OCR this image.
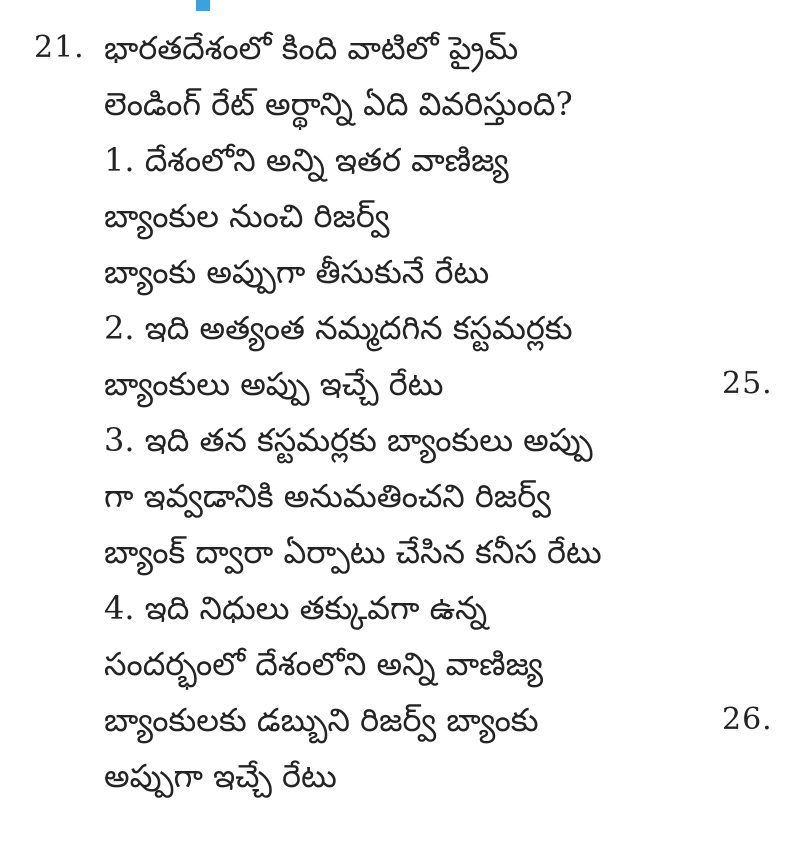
21. భారతదేశంలో కింది వాటిలో ప్రైమ్
లెండింగ్ రేట్ అర్థాన్ని ఏది వివరిస్తుంది?
1. దేశంలోని అన్ని ఇతర వాణిజ్య
బ్యాంకుల నుంచి రిజర్వ్
బ్యాంకు అప్పుగా తీసుకునే రేటు
2. ఇది అత్యంత నమ్మదగిన కస్టమర్లకు
బ్యాంకులు అప్పు ఇచ్చే రేటు
3. ఇది తన కస్టమర్లకు బ్యాంకులు అప్పు
గా ఇవ్వడానికి అనుమతించని రిజర్వ్
బ్యాంక్ ద్వారా ఏర్పాటు చేసిన కనీస రేటు
4. ఇది నిధులు తక్కువగా ఉన్న
సందర్భంలో దేశంలోని అన్ని వాణిజ్య
బ్యాంకులకు డబ్బుని రిజర్వ్ బ్యాంకు
అప్పుగా ఇచ్చే రేటు
25.
26.
